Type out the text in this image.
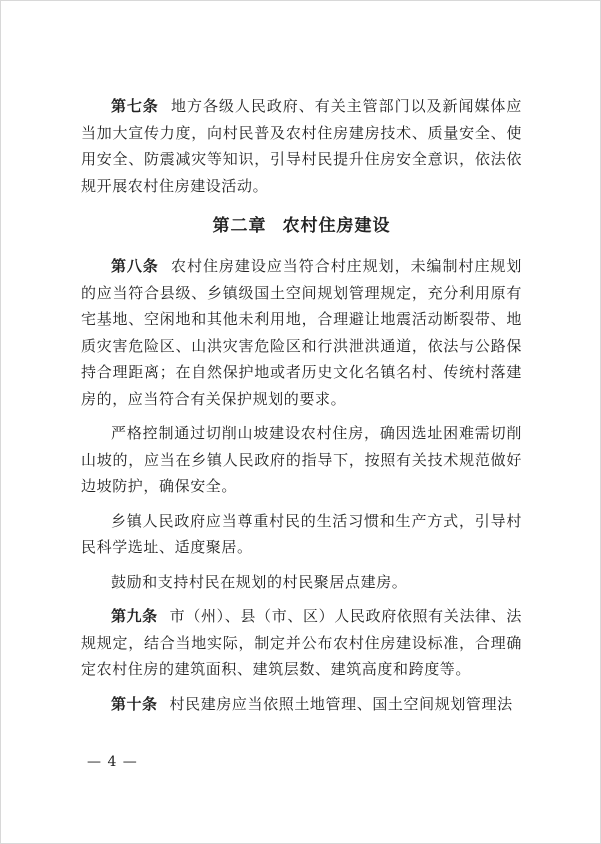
第七条 地方各级人民政府、有关主管部门以及新闻媒体应当加大宣传力度，向村民普及农村住房建房技术、质量安全、使用安全、防震减灾等知识，引导村民提升住房安全意识，依法依规开展农村住房建设活动。

第二章 农村住房建设

第八条 农村住房建设应当符合村庄规划，未编制村庄规划的应当符合县级、乡镇级国土空间规划管理规定，充分利用原有宅基地、空闲地和其他未利用地，合理避让地震活动断裂带、地质灾害危险区、山洪灾害危险区和行洪泄洪通道，依法与公路保持合理距离；在自然保护地或者历史文化名镇名村、传统村落建房的，应当符合有关保护规划的要求。

严格控制通过切削山坡建设农村住房，确因选址困难需切削山坡的，应当在乡镇人民政府的指导下，按照有关技术规范做好边坡防护，确保安全。

乡镇人民政府应当尊重村民的生活习惯和生产方式，引导村民科学选址、适度聚居。

鼓励和支持村民在规划的村民聚居点建房。

第九条 市（州）、县（市、区）人民政府依照有关法律、法规规定，结合当地实际，制定并公布农村住房建设标准，合理确定农村住房的建筑面积、建筑层数、建筑高度和跨度等。

第十条 村民建房应当依照土地管理、国土空间规划管理法

— 4 —
